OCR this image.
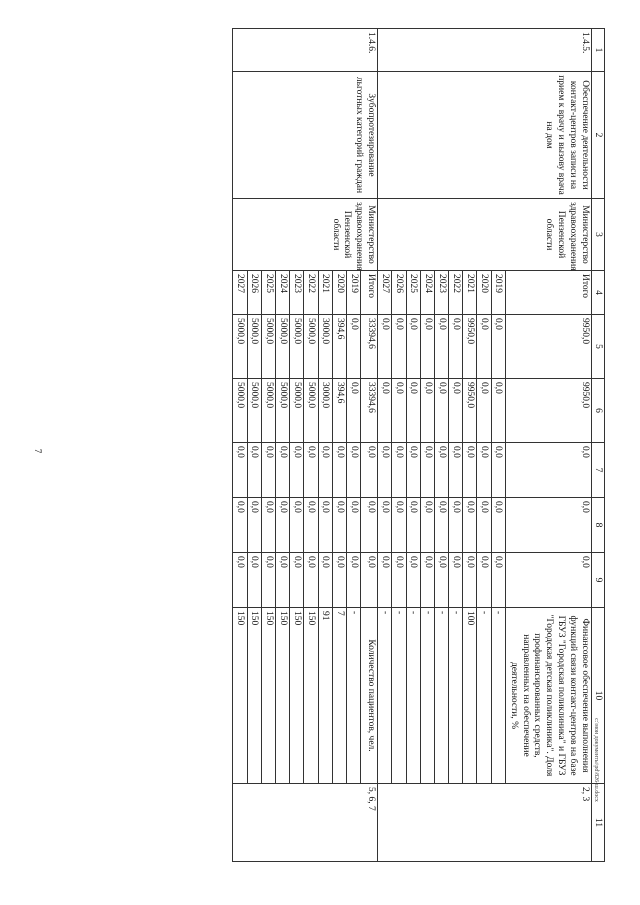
7
c:\мои документы\pd\826-ш.docx
1	2	3	4	5	6	7	8	9	10	11
1.4.5.	Обеспечение деятельности контакт-центров записи на прием к врачу и вызову врача на дом	Министерство здравоохранения Пензенской области	Итого	9950,0	9950,0	0,0	0,0	0,0	Финансовое обеспечение выполнения функций связи контакт-центров на базе ГБУЗ "Городская поликлиника" и ГБУЗ "Городская детская поликлиника". Доля профинансированных средств, направленных на обеспечение деятельности, %	2, 3
			2019	0,0	0,0	0,0	0,0	0,0	-	
			2020	0,0	0,0	0,0	0,0	0,0	-	
			2021	9950,0	9950,0	0,0	0,0	0,0	100	
			2022	0,0	0,0	0,0	0,0	0,0	-	
			2023	0,0	0,0	0,0	0,0	0,0	-	
			2024	0,0	0,0	0,0	0,0	0,0	-	
			2025	0,0	0,0	0,0	0,0	0,0	-	
			2026	0,0	0,0	0,0	0,0	0,0	-	
			2027	0,0	0,0	0,0	0,0	0,0	-	
1.4.6.	Зубопротезирование льготных категорий граждан	Министерство здравоохранения Пензенской области	Итого	33394,6	33394,6	0,0	0,0	0,0	Количество пациентов, чел.	5, 6, 7
			2019	0,0	0,0	0,0	0,0	0,0	-	
			2020	394,6	394,6	0,0	0,0	0,0	7	
			2021	3000,0	3000,0	0,0	0,0	0,0	91	
			2022	5000,0	5000,0	0,0	0,0	0,0	150	
			2023	5000,0	5000,0	0,0	0,0	0,0	150	
			2024	5000,0	5000,0	0,0	0,0	0,0	150	
			2025	5000,0	5000,0	0,0	0,0	0,0	150	
			2026	5000,0	5000,0	0,0	0,0	0,0	150	
			2027	5000,0	5000,0	0,0	0,0	0,0	150	
